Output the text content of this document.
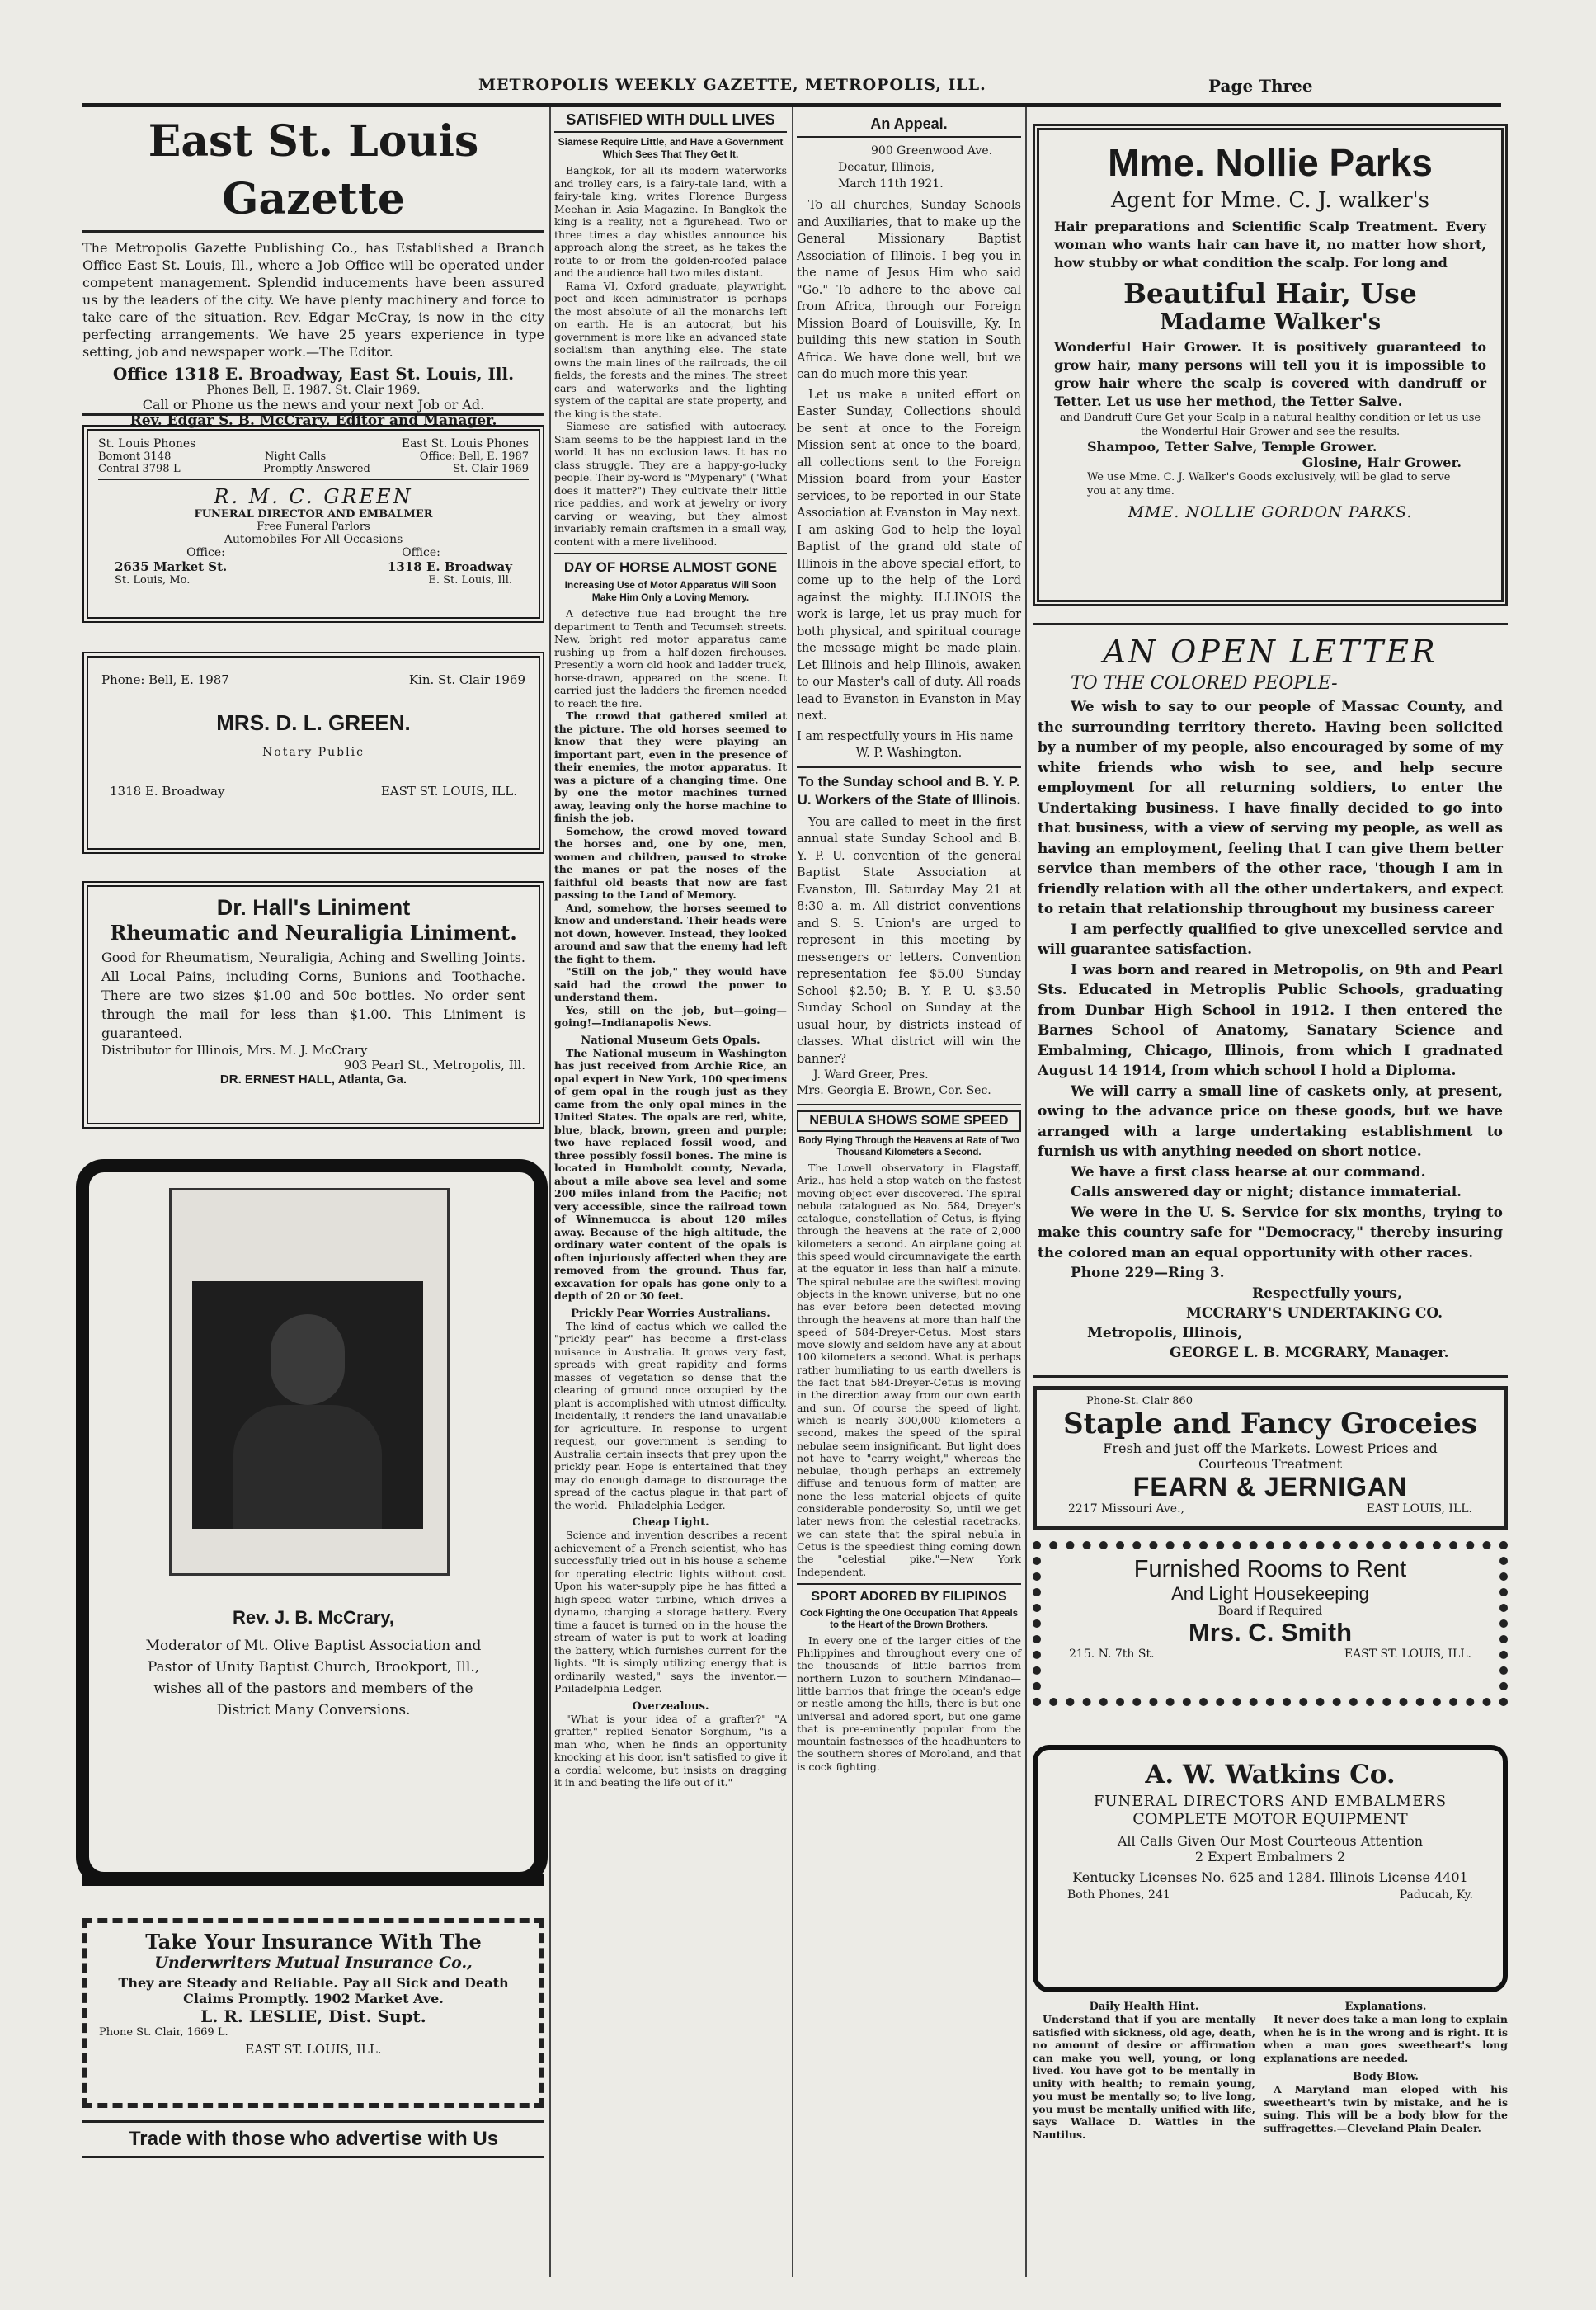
METROPOLIS WEEKLY GAZETTE, METROPOLIS, ILL.	Page Three
East St. Louis Gazette

The Metropolis Gazette Publishing Co., has Established a Branch Office East St. Louis, Ill., where a Job Office will be operated under competent management. Splendid inducements have been assured us by the leaders of the city. We have plenty machinery and force to take care of the situation. Rev. Edgar McCray, is now in the city perfecting arrangements. We have 25 years experience in type setting, job and newspaper work.—The Editor.

Office 1318 E. Broadway, East St. Louis, Ill.

Phones Bell, E. 1987. St. Clair 1969.

Call or Phone us the news and your next Job or Ad.

Rev. Edgar S. B. McCrary, Editor and Manager.

St. Louis Phones	East St. Louis Phones
Bomont 3148	Night Calls	Office: Bell, E. 1987
Central 3798-L	Promptly Answered	St. Clair 1969
R. M. C. GREEN
FUNERAL DIRECTOR AND EMBALMER
Free Funeral Parlors
Automobiles For All Occasions
Office:	Office:
2635 Market St.	1318 E. Broadway
St. Louis, Mo.	E. St. Louis, Ill.
Phone: Bell, E. 1987	Kin. St. Clair 1969
MRS. D. L. GREEN.
Notary Public
1318 E. Broadway	EAST ST. LOUIS, ILL.
Dr. Hall's Liniment
Rheumatic and Neuraligia Liniment.

Good for Rheumatism, Neuraligia, Aching and Swelling Joints. All Local Pains, including Corns, Bunions and Toothache. There are two sizes $1.00 and 50c bottles. No order sent through the mail for less than $1.00. This Liniment is guaranteed.

Distributor for Illinois, Mrs. M. J. McCrary

903 Pearl St., Metropolis, Ill.

DR. ERNEST HALL, Atlanta, Ga.

Rev. J. B. McCrary,

Moderator of Mt. Olive Baptist Association and Pastor of Unity Baptist Church, Brookport, Ill., wishes all of the pastors and members of the District Many Conversions.

Take Your Insurance With The
Underwriters Mutual Insurance Co.,
They are Steady and Reliable. Pay all Sick and Death
Claims Promptly. 1902 Market Ave.
L. R. LESLIE, Dist. Supt.
Phone St. Clair, 1669 L.
EAST ST. LOUIS, ILL.
Trade with those who advertise with Us
SATISFIED WITH DULL LIVES
Siamese Require Little, and Have a Government Which Sees That They Get It.

Bangkok, for all its modern waterworks and trolley cars, is a fairy-tale land, with a fairy-tale king, writes Florence Burgess Meehan in Asia Magazine. In Bangkok the king is a reality, not a figurehead. Two or three times a day whistles announce his approach along the street, as he takes the route to or from the golden-roofed palace and the audience hall two miles distant.

Rama VI, Oxford graduate, playwright, poet and keen administrator—is perhaps the most absolute of all the monarchs left on earth. He is an autocrat, but his government is more like an advanced state socialism than anything else. The state owns the main lines of the railroads, the oil fields, the forests and the mines. The street cars and waterworks and the lighting system of the capital are state property, and the king is the state.

Siamese are satisfied with autocracy. Siam seems to be the happiest land in the world. It has no exclusion laws. It has no class struggle. They are a happy-go-lucky people. Their by-word is "Mypenary" ("What does it matter?") They cultivate their little rice paddies, and work at jewelry or ivory carving or weaving, but they almost invariably remain craftsmen in a small way, content with a mere livelihood.

DAY OF HORSE ALMOST GONE
Increasing Use of Motor Apparatus Will Soon Make Him Only a Loving Memory.

A defective flue had brought the fire department to Tenth and Tecumseh streets. New, bright red motor apparatus came rushing up from a half-dozen firehouses. Presently a worn old hook and ladder truck, horse-drawn, appeared on the scene. It carried just the ladders the firemen needed to reach the fire.

The crowd that gathered smiled at the picture. The old horses seemed to know that they were playing an important part, even in the presence of their enemies, the motor apparatus. It was a picture of a changing time. One by one the motor machines turned away, leaving only the horse machine to finish the job.

Somehow, the crowd moved toward the horses and, one by one, men, women and children, paused to stroke the manes or pat the noses of the faithful old beasts that now are fast passing to the Land of Memory.

And, somehow, the horses seemed to know and understand. Their heads were not down, however. Instead, they looked around and saw that the enemy had left the fight to them.

"Still on the job," they would have said had the crowd the power to understand them.

Yes, still on the job, but—going—going!—Indianapolis News.

National Museum Gets Opals.

The National museum in Washington has just received from Archie Rice, an opal expert in New York, 100 specimens of gem opal in the rough just as they came from the only opal mines in the United States. The opals are red, white, blue, black, brown, green and purple; two have replaced fossil wood, and three possibly fossil bones. The mine is located in Humboldt county, Nevada, about a mile above sea level and some 200 miles inland from the Pacific; not very accessible, since the railroad town of Winnemucca is about 120 miles away. Because of the high altitude, the ordinary water content of the opals is often injuriously affected when they are removed from the ground. Thus far, excavation for opals has gone only to a depth of 20 or 30 feet.

Prickly Pear Worries Australians.

The kind of cactus which we called the "prickly pear" has become a first-class nuisance in Australia. It grows very fast, spreads with great rapidity and forms masses of vegetation so dense that the clearing of ground once occupied by the plant is accomplished with utmost difficulty. Incidentally, it renders the land unavailable for agriculture. In response to urgent request, our government is sending to Australia certain insects that prey upon the prickly pear. Hope is entertained that they may do enough damage to discourage the spread of the cactus plague in that part of the world.—Philadelphia Ledger.

Cheap Light.

Science and invention describes a recent achievement of a French scientist, who has successfully tried out in his house a scheme for operating electric lights without cost. Upon his water-supply pipe he has fitted a high-speed water turbine, which drives a dynamo, charging a storage battery. Every time a faucet is turned on in the house the stream of water is put to work at loading the battery, which furnishes current for the lights. "It is simply utilizing energy that is ordinarily wasted," says the inventor.—Philadelphia Ledger.

Overzealous.

"What is your idea of a grafter?" "A grafter," replied Senator Sorghum, "is a man who, when he finds an opportunity knocking at his door, isn't satisfied to give it a cordial welcome, but insists on dragging it in and beating the life out of it."

An Appeal.

900 Greenwood Ave.

Decatur, Illinois,

March 11th 1921.

To all churches, Sunday Schools and Auxiliaries, that to make up the General Missionary Baptist Association of Illinois. I beg you in the name of Jesus Him who said "Go." To adhere to the above cal from Africa, through our Foreign Mission Board of Louisville, Ky. In building this new station in South Africa. We have done well, but we can do much more this year.

Let us make a united effort on Easter Sunday, Collections should be sent at once to the Foreign Mission sent at once to the board, all collections sent to the Foreign Mission board from your Easter services, to be reported in our State Association at Evanston in May next. I am asking God to help the loyal Baptist of the grand old state of Illinois in the above special effort, to come up to the help of the Lord against the mighty. ILLINOIS the work is large, let us pray much for both physical, and spiritual courage the message might be made plain. Let Illinois and help Illinois, awaken to our Master's call of duty. All roads lead to Evanston in Evanston in May next.

I am respectfully yours in His name

W. P. Washington.

To the Sunday school and B. Y. P. U. Workers of the State of Illinois.

You are called to meet in the first annual state Sunday School and B. Y. P. U. convention of the general Baptist State Association at Evanston, Ill. Saturday May 21 at 8:30 a. m. All district conventions and S. S. Union's are urged to represent in this meeting by messengers or letters. Convention representation fee $5.00 Sunday School $2.50; B. Y. P. U. $3.50 Sunday School on Sunday at the usual hour, by districts instead of classes. What district will win the banner?

J. Ward Greer, Pres.

Mrs. Georgia E. Brown, Cor. Sec.

NEBULA SHOWS SOME SPEED
Body Flying Through the Heavens at Rate of Two Thousand Kilometers a Second.

The Lowell observatory in Flagstaff, Ariz., has held a stop watch on the fastest moving object ever discovered. The spiral nebula catalogued as No. 584, Dreyer's catalogue, constellation of Cetus, is flying through the heavens at the rate of 2,000 kilometers a second. An airplane going at this speed would circumnavigate the earth at the equator in less than half a minute. The spiral nebulae are the swiftest moving objects in the known universe, but no one has ever before been detected moving through the heavens at more than half the speed of 584-Dreyer-Cetus. Most stars move slowly and seldom have any at about 100 kilometers a second. What is perhaps rather humiliating to us earth dwellers is the fact that 584-Dreyer-Cetus is moving in the direction away from our own earth and sun. Of course the speed of light, which is nearly 300,000 kilometers a second, makes the speed of the spiral nebulae seem insignificant. But light does not have to "carry weight," whereas the nebulae, though perhaps an extremely diffuse and tenuous form of matter, are none the less material objects of quite considerable ponderosity. So, until we get later news from the celestial racetracks, we can state that the spiral nebula in Cetus is the speediest thing coming down the "celestial pike."—New York Independent.

SPORT ADORED BY FILIPINOS
Cock Fighting the One Occupation That Appeals to the Heart of the Brown Brothers.

In every one of the larger cities of the Philippines and throughout every one of the thousands of little barrios—from northern Luzon to southern Mindanao—little barrios that fringe the ocean's edge or nestle among the hills, there is but one universal and adored sport, but one game that is pre-eminently popular from the mountain fastnesses of the headhunters to the southern shores of Moroland, and that is cock fighting.

Mme. Nollie Parks
Agent for Mme. C. J. walker's

Hair preparations and Scientific Scalp Treatment. Every woman who wants hair can have it, no matter how short, how stubby or what condition the scalp. For long and

Beautiful Hair, Use
Madame Walker's

Wonderful Hair Grower. It is positively guaranteed to grow hair, many persons will tell you it is impossible to grow hair where the scalp is covered with dandruff or Tetter. Let us use her method, the Tetter Salve.

and Dandruff Cure Get your Scalp in a natural healthy condition or let us use the Wonderful Hair Grower and see the results.

Shampoo, Tetter Salve, Temple Grower.

Glosine, Hair Grower.

We use Mme. C. J. Walker's Goods exclusively, will be glad to serve you at any time.

MME. NOLLIE GORDON PARKS.

AN OPEN LETTER
TO THE COLORED PEOPLE-

We wish to say to our people of Massac County, and the surrounding territory thereto. Having been solicited by a number of my people, also encouraged by some of my white friends who wish to see, and help secure employment for all returning soldiers, to enter the Undertaking business. I have finally decided to go into that business, with a view of serving my people, as well as having an employment, feeling that I can give them better service than members of the other race, 'though I am in friendly relation with all the other undertakers, and expect to retain that relationship throughout my business career

I am perfectly qualified to give unexcelled service and will guarantee satisfaction.

I was born and reared in Metropolis, on 9th and Pearl Sts. Educated in Metroplis Public Schools, graduating from Dunbar High School in 1912. I then entered the Barnes School of Anatomy, Sanatary Science and Embalming, Chicago, Illinois, from which I gradnated August 14 1914, from which school I hold a Diploma.

We will carry a small line of caskets only, at present, owing to the advance price on these goods, but we have arranged with a large undertaking establishment to furnish us with anything needed on short notice.

We have a first class hearse at our command.

Calls answered day or night; distance immaterial.

We were in the U. S. Service for six months, trying to make this country safe for "Democracy," thereby insuring the colored man an equal opportunity with other races.

Phone 229—Ring 3.

Respectfully yours,

MCCRARY'S UNDERTAKING CO.

Metropolis, Illinois,

GEORGE L. B. MCGRARY, Manager.

Phone-St. Clair 860
Staple and Fancy Groceies
Fresh and just off the Markets. Lowest Prices and
Courteous Treatment
FEARN & JERNIGAN
2217 Missouri Ave.,	EAST LOUIS, ILL.
Furnished Rooms to Rent
And Light Housekeeping
Board if Required
Mrs. C. Smith
215. N. 7th St.	EAST ST. LOUIS, ILL.
A. W. Watkins Co.
FUNERAL DIRECTORS AND EMBALMERS
COMPLETE MOTOR EQUIPMENT
All Calls Given Our Most Courteous Attention
2 Expert Embalmers 2
Kentucky Licenses No. 625 and 1284. Illinois License 4401
Both Phones, 241	Paducah, Ky.
Daily Health Hint.

Understand that if you are mentally satisfied with sickness, old age, death, no amount of desire or affirmation can make you well, young, or long lived. You have got to be mentally in unity with health; to remain young, you must be mentally so; to live long, you must be mentally unified with life, says Wallace D. Wattles in the Nautilus.

Explanations.

It never does take a man long to explain when he is in the wrong and is right. It is when a man goes sweetheart's long explanations are needed.

Body Blow.

A Maryland man eloped with his sweetheart's twin by mistake, and he is suing. This will be a body blow for the suffragettes.—Cleveland Plain Dealer.
